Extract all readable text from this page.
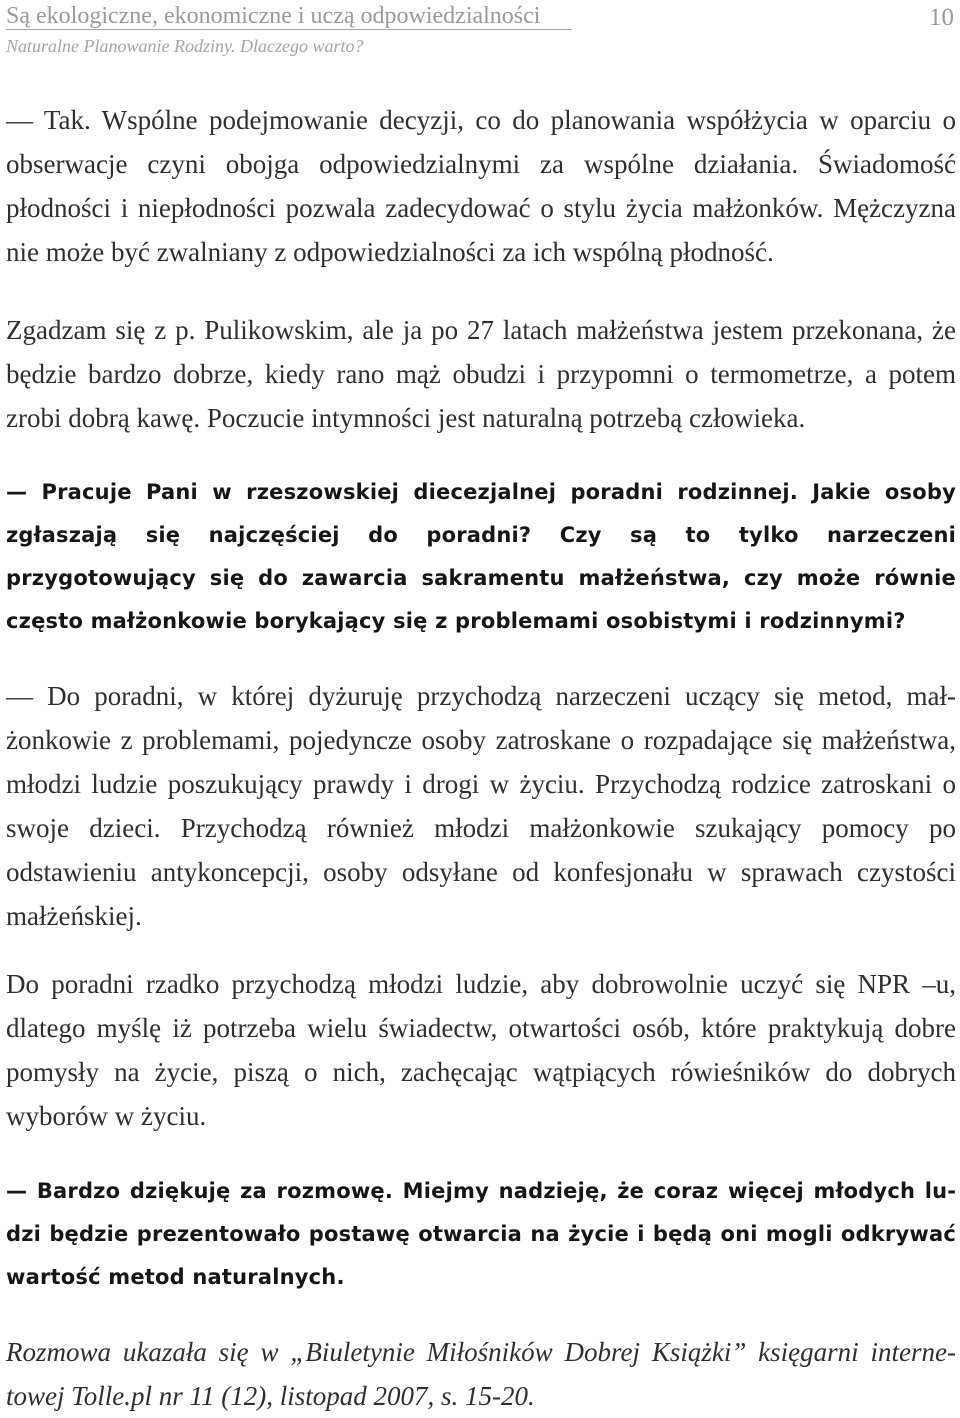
Są ekologiczne, ekonomiczne i uczą odpowiedzialności
Naturalne Planowanie Rodziny. Dlaczego warto?
10

— Tak. Wspólne podejmowanie decyzji, co do planowania współżycia w oparciu o obserwacje czyni obojga odpowiedzialnymi za wspólne działania. Świadomość płodności i niepłodności pozwala zadecydować o stylu życia małżonków. Mężczyzna nie może być zwalniany z odpowiedzialności za ich wspólną płodność.

Zgadzam się z p. Pulikowskim, ale ja po 27 latach małżeństwa jestem przekonana, że będzie bardzo dobrze, kiedy rano mąż obudzi i przypomni o termometrze, a potem zrobi dobrą kawę. Poczucie intymności jest naturalną potrzebą człowieka.

— Pracuje Pani w rzeszowskiej diecezjalnej poradni rodzinnej. Jakie osoby zgłaszają się najczęściej do poradni? Czy są to tylko narzeczeni przygotowujący się do zawarcia sakramentu małżeństwa, czy może równie często małżonkowie borykający się z problemami osobistymi i rodzinnymi?

— Do poradni, w której dyżuruję przychodzą narzeczeni uczący się metod, małżonkowie z problemami, pojedyncze osoby zatroskane o rozpadające się małżeństwa, młodzi ludzie poszukujący prawdy i drogi w życiu. Przychodzą rodzice zatroskani o swoje dzieci. Przychodzą również młodzi małżonkowie szukający pomocy po odstawieniu antykoncepcji, osoby odsyłane od konfesjonału w sprawach czystości małżeńskiej.

Do poradni rzadko przychodzą młodzi ludzie, aby dobrowolnie uczyć się NPR –u, dlatego myślę iż potrzeba wielu świadectw, otwartości osób, które praktykują dobre pomysły na życie, piszą o nich, zachęcając wątpiących rówieśników do dobrych wyborów w życiu.

— Bardzo dziękuję za rozmowę. Miejmy nadzieję, że coraz więcej młodych ludzi będzie prezentowało postawę otwarcia na życie i będą oni mogli odkrywać wartość metod naturalnych.

Rozmowa ukazała się w „Biuletynie Miłośników Dobrej Książki” księgarni internetowej Tolle.pl nr 11 (12), listopad 2007, s. 15-20.
